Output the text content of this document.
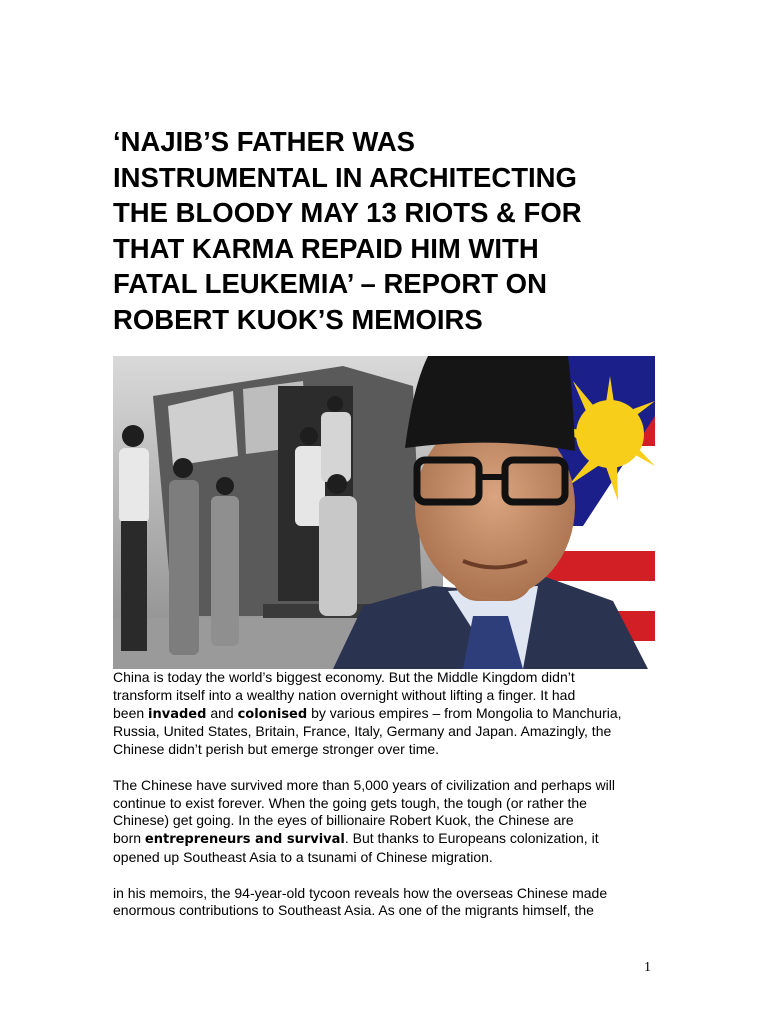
‘NAJIB’S FATHER WAS
INSTRUMENTAL IN ARCHITECTING
THE BLOODY MAY 13 RIOTS & FOR
THAT KARMA REPAID HIM WITH
FATAL LEUKEMIA’ – REPORT ON
ROBERT KUOK’S MEMOIRS

China is today the world’s biggest economy. But the Middle Kingdom didn’t
transform itself into a wealthy nation overnight without lifting a finger. It had
been invaded and colonised by various empires – from Mongolia to Manchuria,
Russia, United States, Britain, France, Italy, Germany and Japan. Amazingly, the
Chinese didn’t perish but emerge stronger over time.

The Chinese have survived more than 5,000 years of civilization and perhaps will
continue to exist forever. When the going gets tough, the tough (or rather the
Chinese) get going. In the eyes of billionaire Robert Kuok, the Chinese are
born entrepreneurs and survival. But thanks to Europeans colonization, it
opened up Southeast Asia to a tsunami of Chinese migration.

in his memoirs, the 94-year-old tycoon reveals how the overseas Chinese made
enormous contributions to Southeast Asia. As one of the migrants himself, the

1
